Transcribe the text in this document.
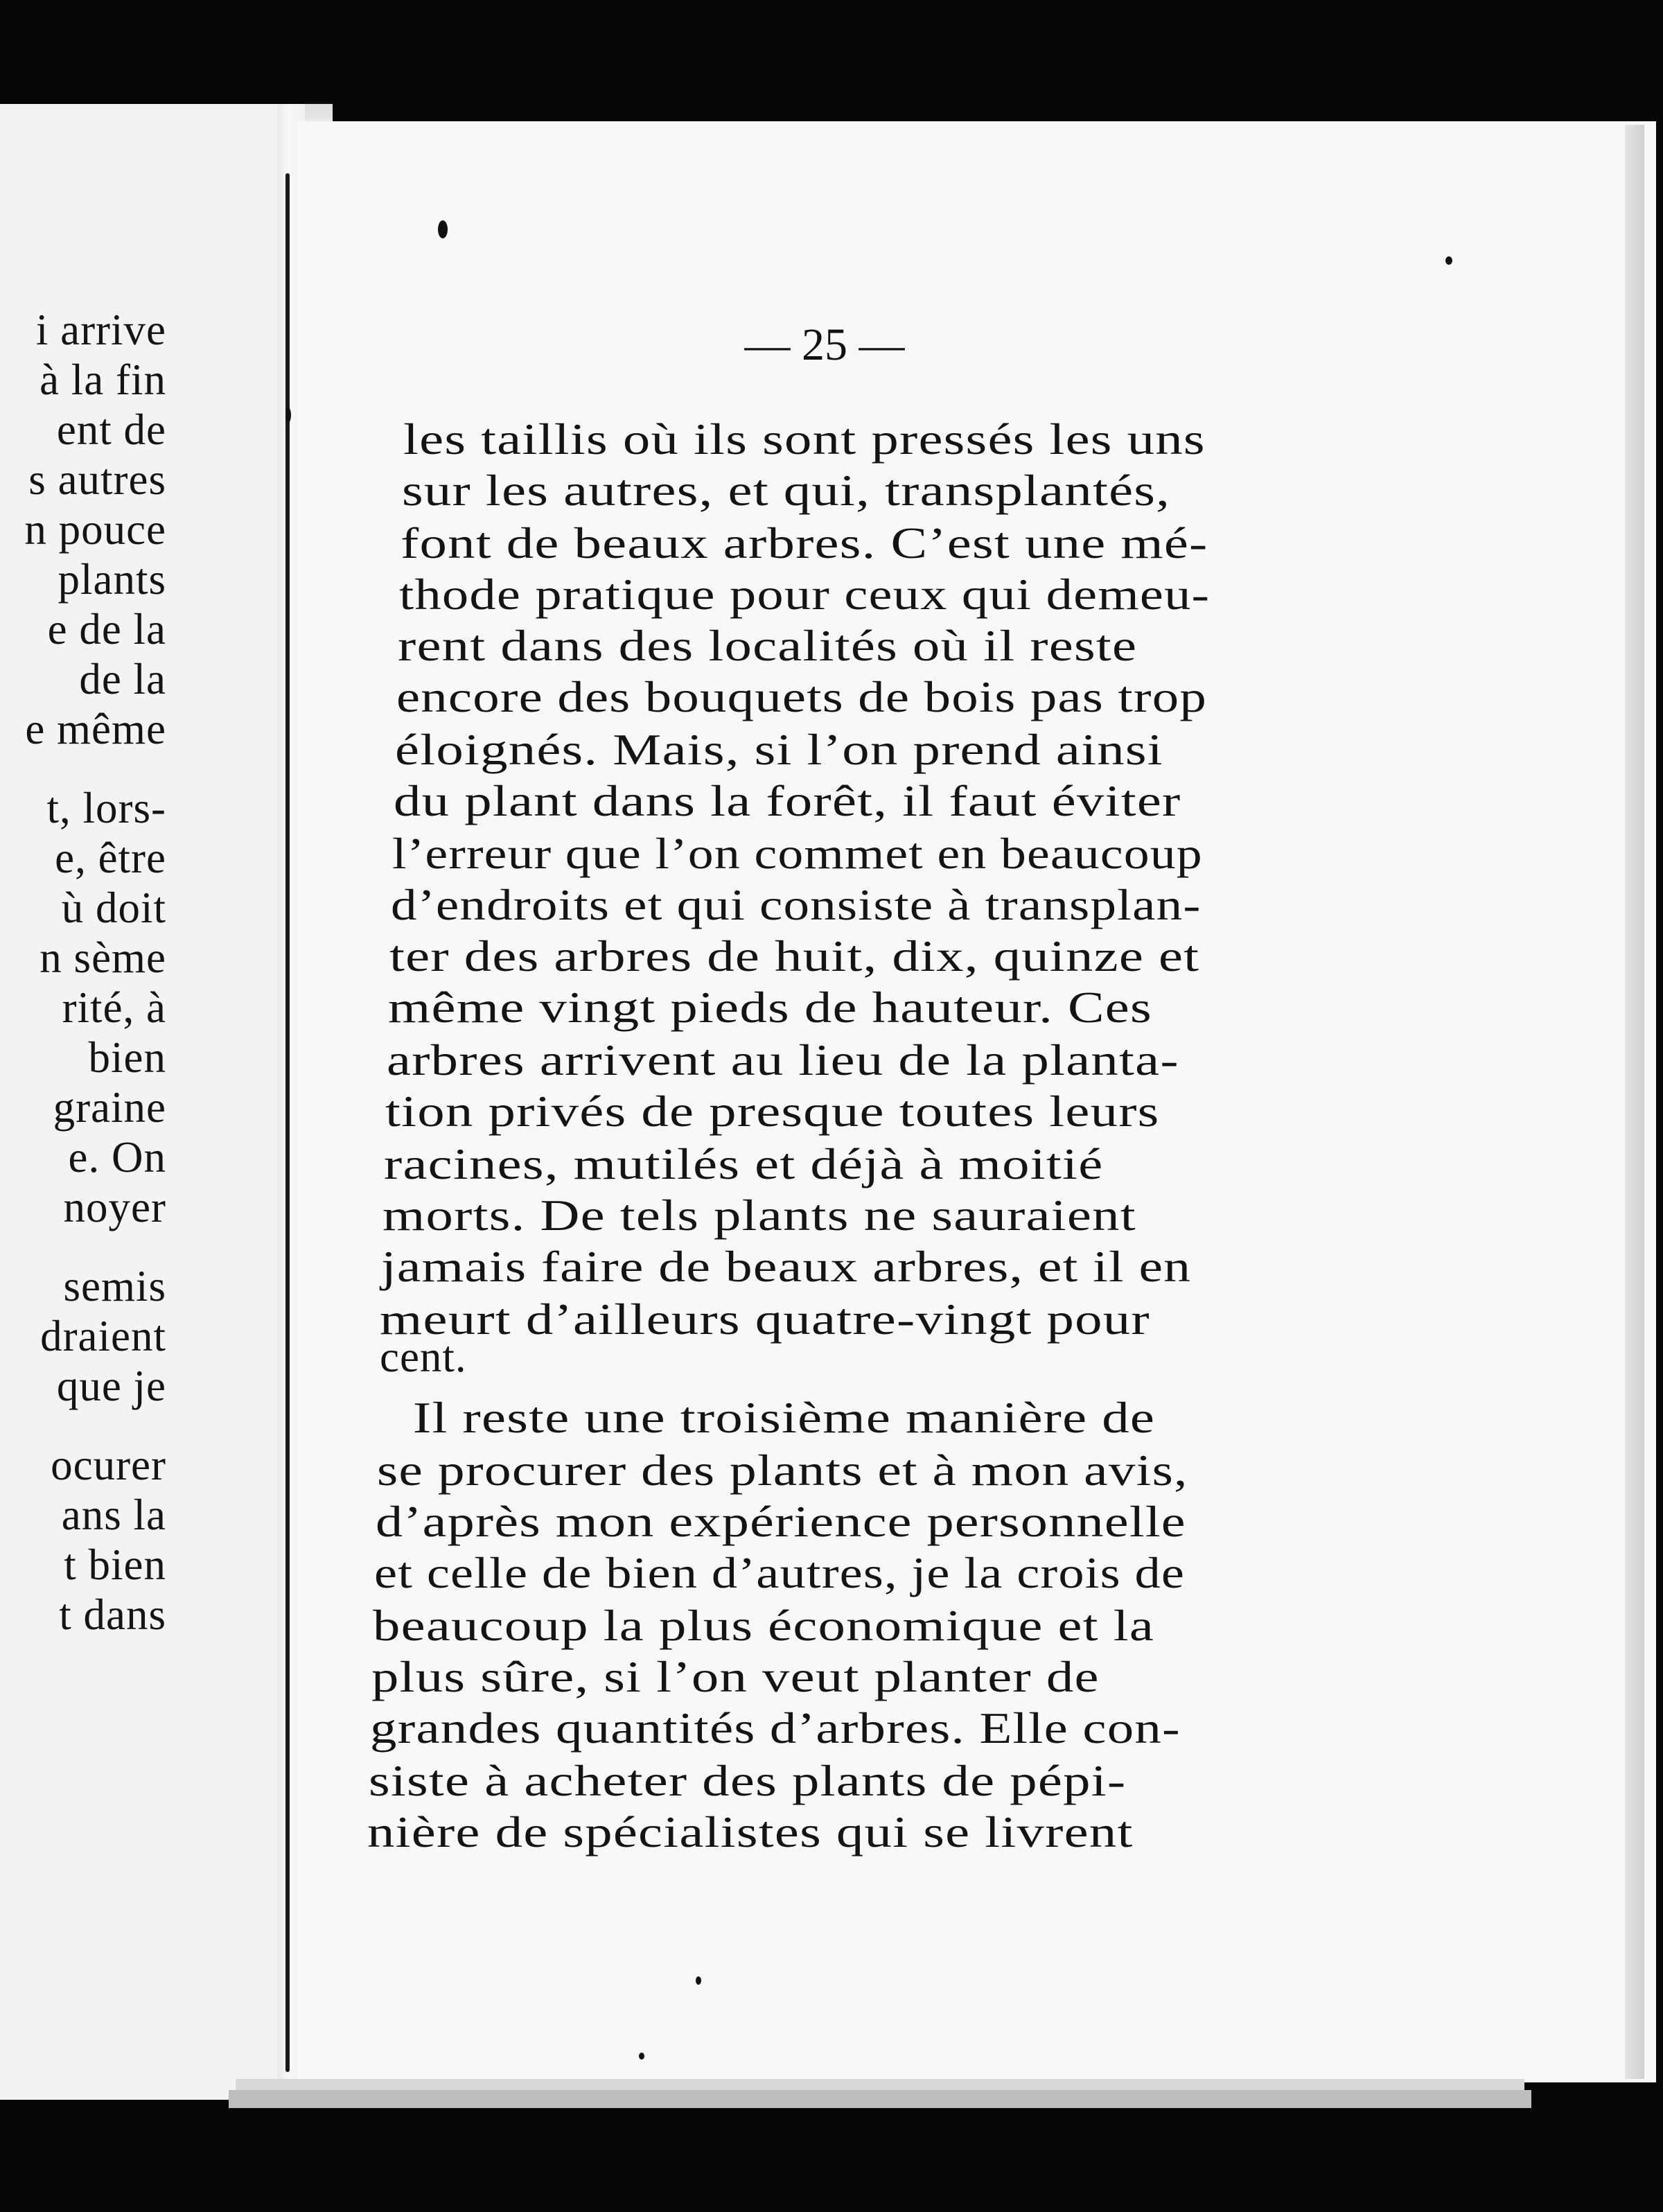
i arrive

à la fin

ent de

s autres

n pouce

plants

e de la

de la

e même

t, lors-

e, être

ù doit

n sème

rité, à

bien

graine

e. On

noyer

semis

draient

que je

ocurer

ans la

t bien

t dans

— 25 —

les taillis où ils sont pressés les uns

sur les autres, et qui, transplantés,

font de beaux arbres. C’est une mé-

thode pratique pour ceux qui demeu-

rent dans des localités où il reste

encore des bouquets de bois pas trop

éloignés. Mais, si l’on prend ainsi

du plant dans la forêt, il faut éviter

l’erreur que l’on commet en beaucoup

d’endroits et qui consiste à transplan-

ter des arbres de huit, dix, quinze et

même vingt pieds de hauteur. Ces

arbres arrivent au lieu de la planta-

tion privés de presque toutes leurs

racines, mutilés et déjà à moitié

morts. De tels plants ne sauraient

jamais faire de beaux arbres, et il en

meurt d’ailleurs quatre-vingt pour

cent.

Il reste une troisième manière de

se procurer des plants et à mon avis,

d’après mon expérience personnelle

et celle de bien d’autres, je la crois de

beaucoup la plus économique et la

plus sûre, si l’on veut planter de

grandes quantités d’arbres. Elle con-

siste à acheter des plants de pépi-

nière de spécialistes qui se livrent
